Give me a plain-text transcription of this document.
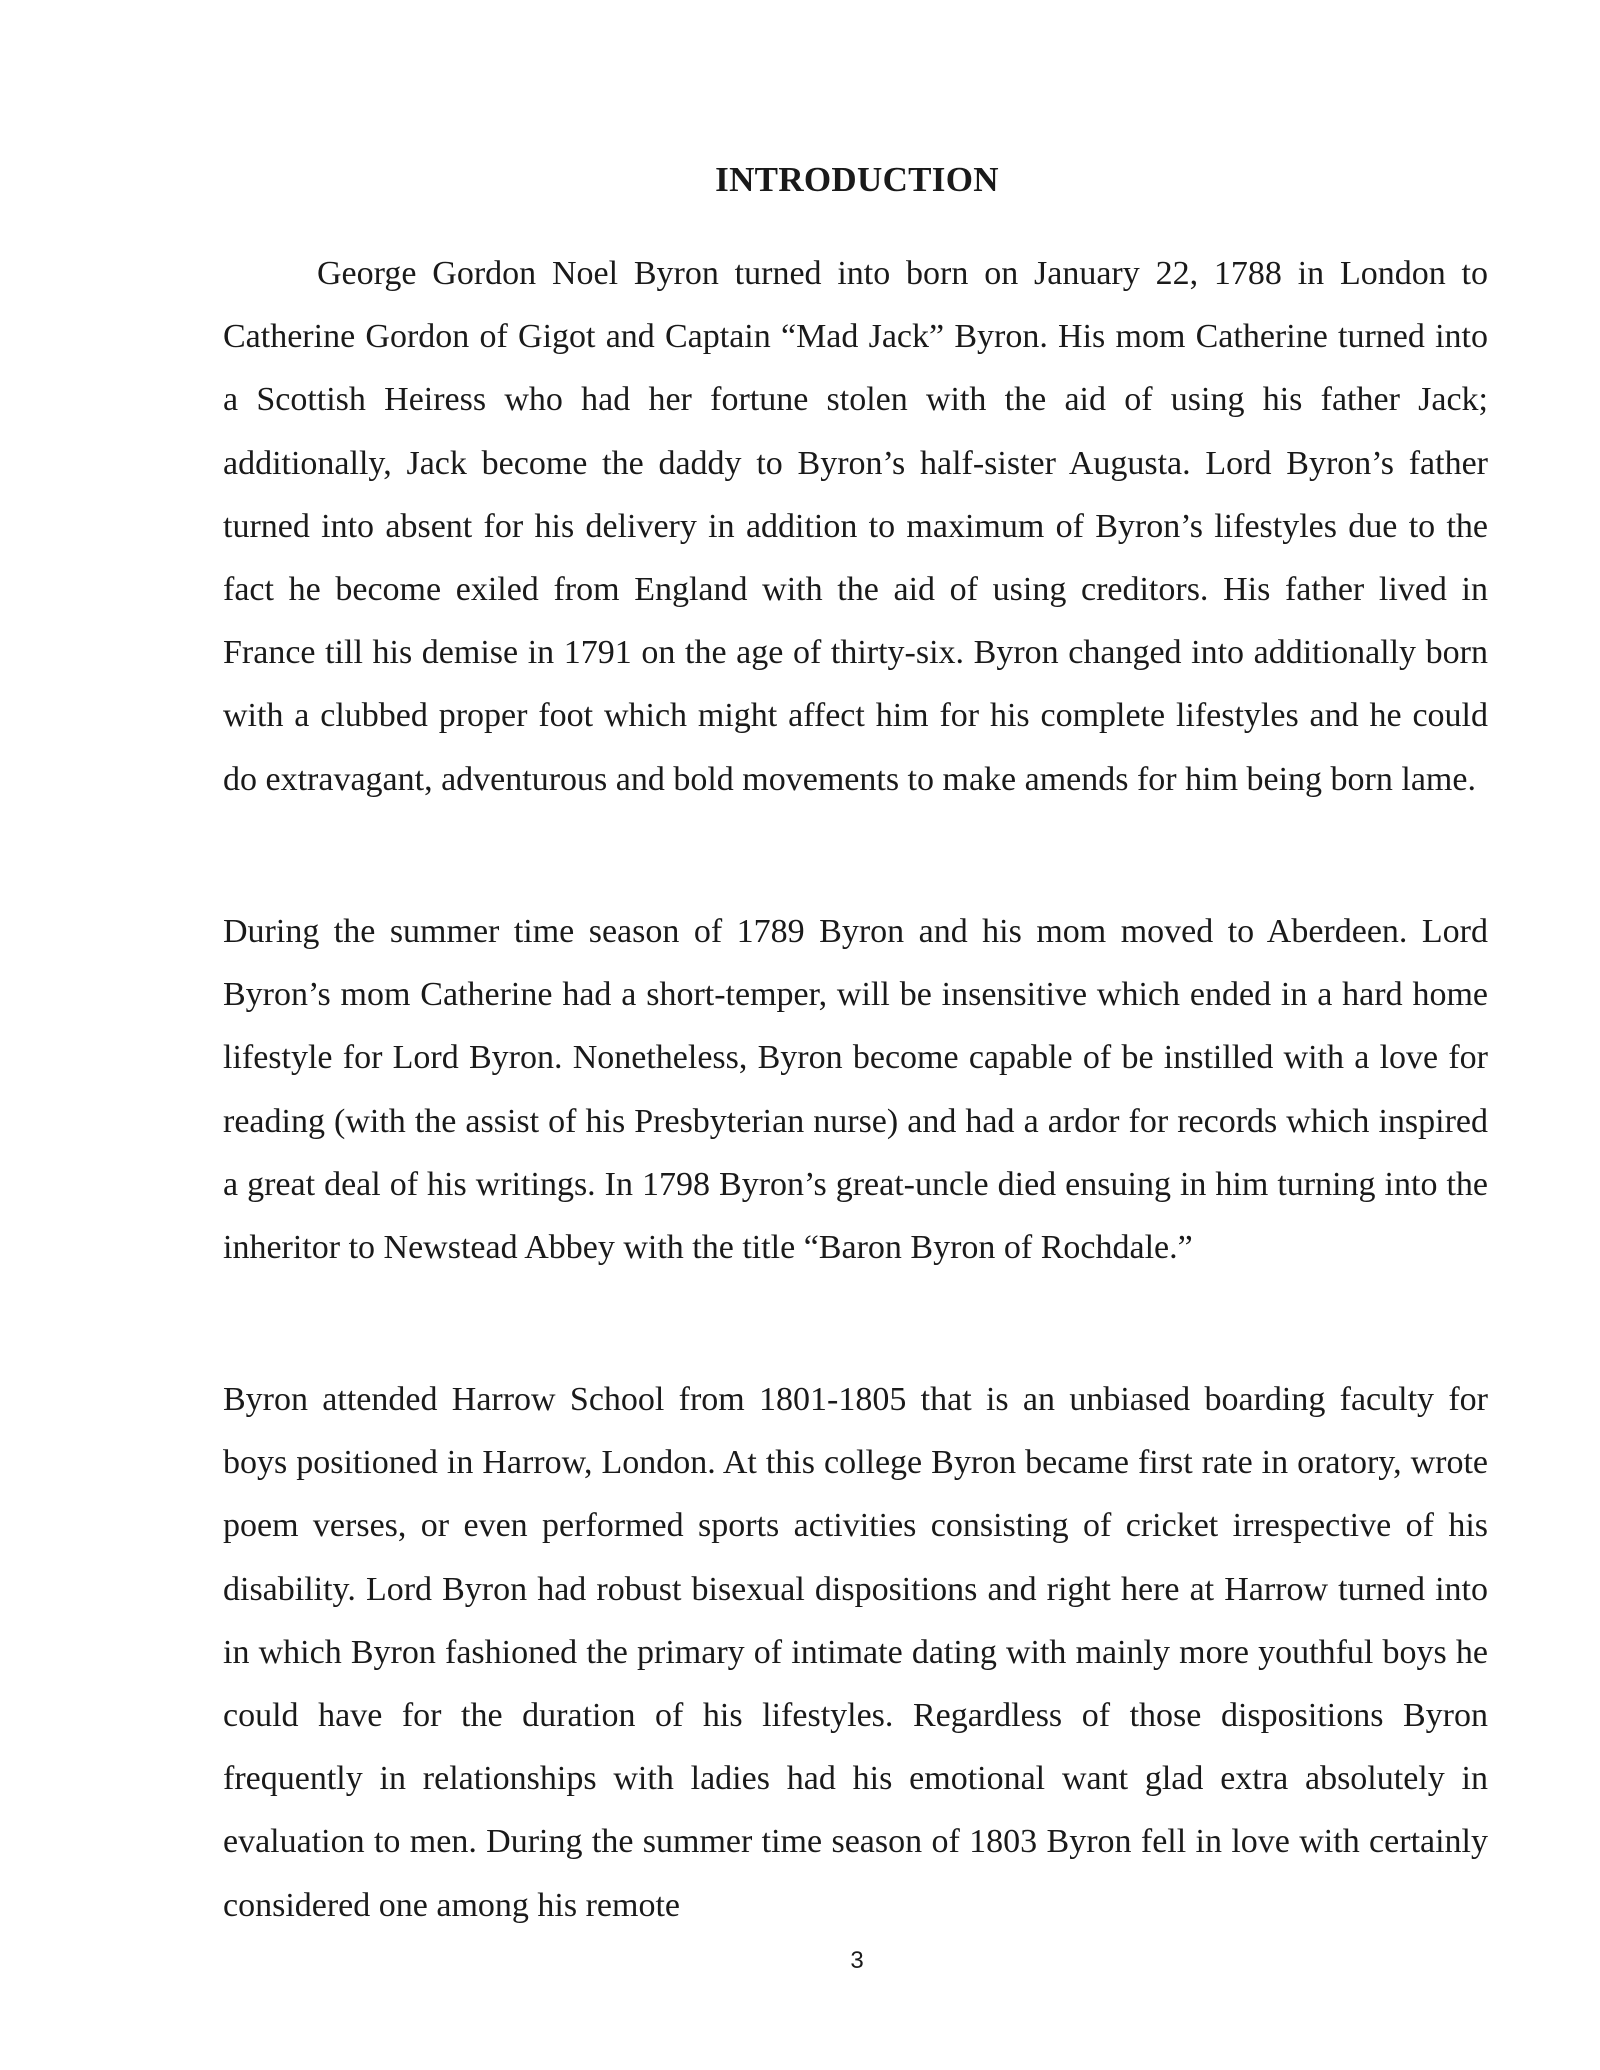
INTRODUCTION

George Gordon Noel Byron turned into born on January 22, 1788 in London to Catherine Gordon of Gigot and Captain “Mad Jack” Byron. His mom Catherine turned into a Scottish Heiress who had her fortune stolen with the aid of using his father Jack; additionally, Jack become the daddy to Byron’s half-sister Augusta. Lord Byron’s father turned into absent for his delivery in addition to maximum of Byron’s lifestyles due to the fact he become exiled from England with the aid of using creditors. His father lived in France till his demise in 1791 on the age of thirty-six. Byron changed into additionally born with a clubbed proper foot which might affect him for his complete lifestyles and he could do extravagant, adventurous and bold movements to make amends for him being born lame.

During the summer time season of 1789 Byron and his mom moved to Aberdeen. Lord Byron’s mom Catherine had a short-temper, will be insensitive which ended in a hard home lifestyle for Lord Byron. Nonetheless, Byron become capable of be instilled with a love for reading (with the assist of his Presbyterian nurse) and had a ardor for records which inspired a great deal of his writings. In 1798 Byron’s great-uncle died ensuing in him turning into the inheritor to Newstead Abbey with the title “Baron Byron of Rochdale.”

Byron attended Harrow School from 1801-1805 that is an unbiased boarding faculty for boys positioned in Harrow, London. At this college Byron became first rate in oratory, wrote poem verses, or even performed sports activities consisting of cricket irrespective of his disability. Lord Byron had robust bisexual dispositions and right here at Harrow turned into in which Byron fashioned the primary of intimate dating with mainly more youthful boys he could have for the duration of his lifestyles. Regardless of those dispositions Byron frequently in relationships with ladies had his emotional want glad extra absolutely in evaluation to men. During the summer time season of 1803 Byron fell in love with certainly considered one among his remote

3
